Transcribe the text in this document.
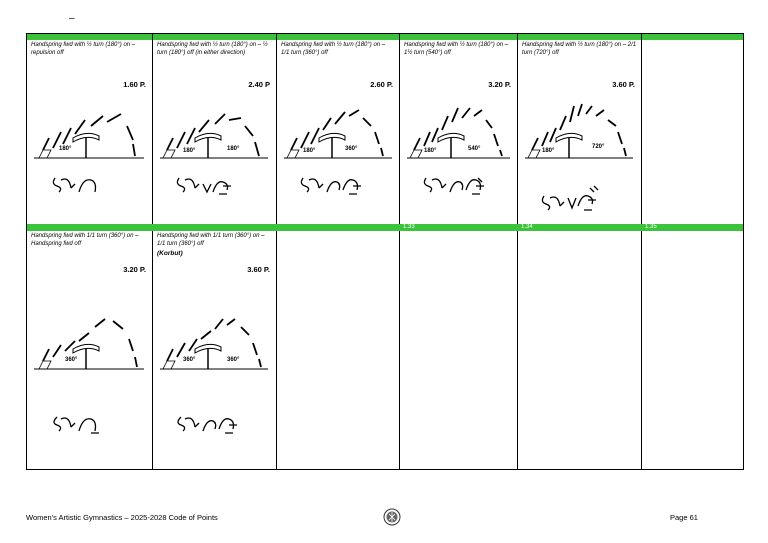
–
Handspring fwd with ½ turn (180°) on – repulsion off
1.60 P.
180°
Handspring fwd with ½ turn (180°) on – ½ turn (180°) off (in either direction)
2.40 P
180°	180°
Handspring fwd with ½ turn (180°) on – 1/1 turn (360°) off
2.60 P.
180°	360°
Handspring fwd with ½ turn (180°) on – 1½ turn (540°) off
3.20 P.
180°	540°
Handspring fwd with ½ turn (180°) on – 2/1 turn (720°) off
3.60 P.
180°
720°
1.33	1.34	1.35
Handspring fwd with 1/1 turn (360°) on – Handspring fwd off
3.20 P.
360°
Handspring fwd with 1/1 turn (360°) on – 1/1 turn (360°) off
(Korbut)
3.60 P.
360°	360°
Women's Artistic Gymnastics – 2025-2028 Code of Points	Page 61
